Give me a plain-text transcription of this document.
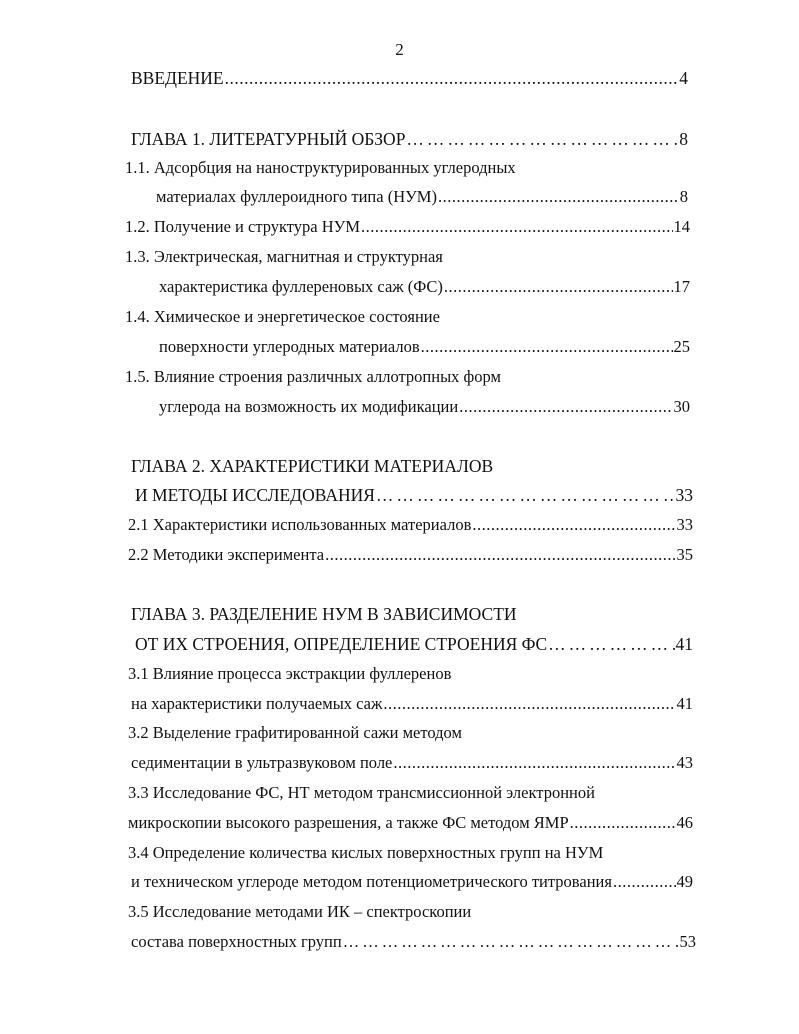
2
ВВЕДЕНИЕ .....	4
ГЛАВА 1. ЛИТЕРАТУРНЫЙ ОБЗОР …………………………………………………………………………………………………………………………………………………………………………………………………………	8
1.1. Адсорбция на наноструктурированных углеродных
материалах фуллероидного типа (НУМ) .....	8
1.2. Получение и структура НУМ .....	14
1.3. Электрическая, магнитная и структурная
характеристика фуллереновых саж (ФС) .....	17
1.4. Химическое и энергетическое состояние
поверхности углеродных материалов .....	25
1.5. Влияние строения различных аллотропных форм
углерода на возможность их модификации .....	30
ГЛАВА 2. ХАРАКТЕРИСТИКИ МАТЕРИАЛОВ
И МЕТОДЫ ИССЛЕДОВАНИЯ …………………………………………………………………………………………………………………………………………………………………………………………………………	33
2.1 Характеристики использованных материалов .....	33
2.2 Методики эксперимента .....	35
ГЛАВА 3. РАЗДЕЛЕНИЕ НУМ В ЗАВИСИМОСТИ
ОТ ИХ СТРОЕНИЯ, ОПРЕДЕЛЕНИЕ СТРОЕНИЯ ФС …………………………………………………………………………………………………………………………………………………………………………………………………………	41
3.1 Влияние процесса экстракции фуллеренов
на характеристики получаемых саж .....	41
3.2 Выделение графитированной сажи методом
седиментации в ультразвуковом поле .....	43
3.3 Исследование ФС, НТ методом трансмиссионной электронной
микроскопии высокого разрешения, а также ФС методом ЯМР .....	46
3.4 Определение количества кислых поверхностных групп на НУМ
и техническом углероде методом потенциометрического титрования .....	49
3.5 Исследование методами ИК – спектроскопии
состава поверхностных групп …………………………………………………………………………………………………………………………………………………………………………………………………………	53
